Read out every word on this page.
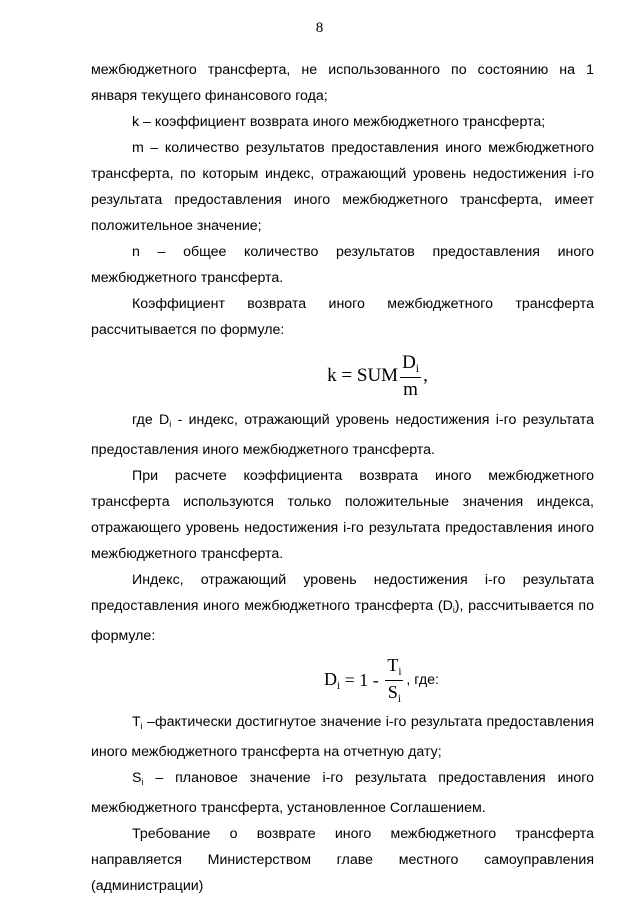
8

межбюджетного трансферта, не использованного по состоянию на 1 января текущего финансового года;

k – коэффициент возврата иного межбюджетного трансферта;

m – количество результатов предоставления иного межбюджетного трансферта, по которым индекс, отражающий уровень недостижения i-го результата предоставления иного межбюджетного трансферта, имеет положительное значение;

n – общее количество результатов предоставления иного межбюджетного трансферта.

Коэффициент возврата иного межбюджетного трансферта рассчитывается по формуле:

k = SUM $\frac{D_i}{m}$ ,

где $D_i$ - индекс, отражающий уровень недостижения i-го результата предоставления иного межбюджетного трансферта.

При расчете коэффициента возврата иного межбюджетного трансферта используются только положительные значения индекса, отражающего уровень недостижения i-го результата предоставления иного межбюджетного трансферта.

Индекс, отражающий уровень недостижения i-го результата предоставления иного межбюджетного трансферта $(D_i)$, рассчитывается по формуле:

$D_i = 1 - \frac{T_i}{S_i}$ , где:

$T_i$ –фактически достигнутое значение i-го результата предоставления иного межбюджетного трансферта на отчетную дату;

$S_i$ – плановое значение i-го результата предоставления иного межбюджетного трансферта, установленное Соглашением.

Требование о возврате иного межбюджетного трансферта направляется Министерством главе местного самоуправления (администрации)
